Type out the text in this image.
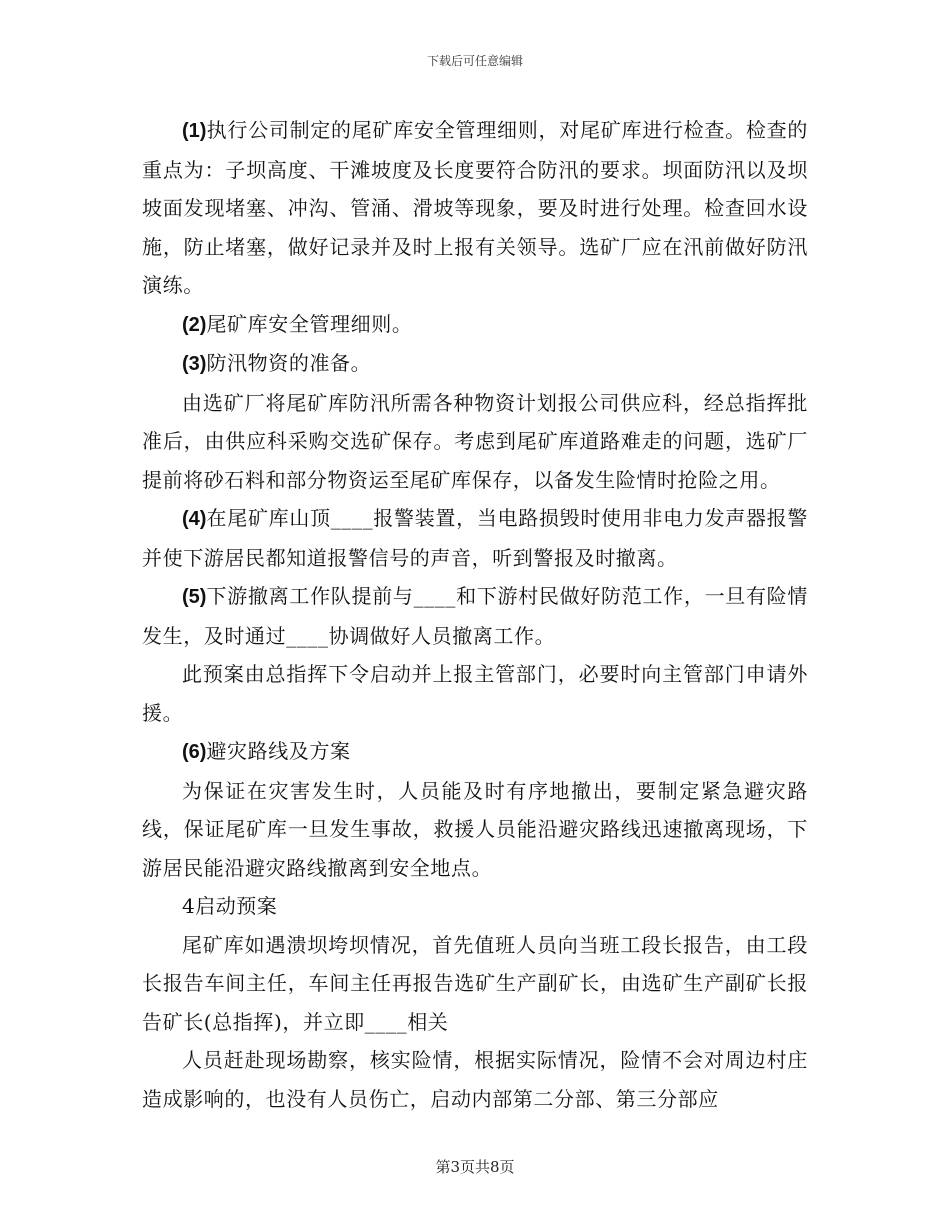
下载后可任意编辑

(1)执行公司制定的尾矿库安全管理细则，对尾矿库进行检查。检查的重点为：子坝高度、干滩坡度及长度要符合防汛的要求。坝面防汛以及坝坡面发现堵塞、冲沟、管涌、滑坡等现象，要及时进行处理。检查回水设施，防止堵塞，做好记录并及时上报有关领导。选矿厂应在汛前做好防汛演练。

(2)尾矿库安全管理细则。

(3)防汛物资的准备。

由选矿厂将尾矿库防汛所需各种物资计划报公司供应科，经总指挥批准后，由供应科采购交选矿保存。考虑到尾矿库道路难走的问题，选矿厂提前将砂石料和部分物资运至尾矿库保存，以备发生险情时抢险之用。

(4)在尾矿库山顶____报警装置，当电路损毁时使用非电力发声器报警并使下游居民都知道报警信号的声音，听到警报及时撤离。

(5)下游撤离工作队提前与____和下游村民做好防范工作，一旦有险情发生，及时通过____协调做好人员撤离工作。

此预案由总指挥下令启动并上报主管部门，必要时向主管部门申请外援。

(6)避灾路线及方案

为保证在灾害发生时，人员能及时有序地撤出，要制定紧急避灾路线，保证尾矿库一旦发生事故，救援人员能沿避灾路线迅速撤离现场，下游居民能沿避灾路线撤离到安全地点。

4启动预案

尾矿库如遇溃坝垮坝情况，首先值班人员向当班工段长报告，由工段长报告车间主任，车间主任再报告选矿生产副矿长，由选矿生产副矿长报告矿长(总指挥)，并立即____相关

人员赶赴现场勘察，核实险情，根据实际情况，险情不会对周边村庄造成影响的，也没有人员伤亡，启动内部第二分部、第三分部应

第3页共8页
